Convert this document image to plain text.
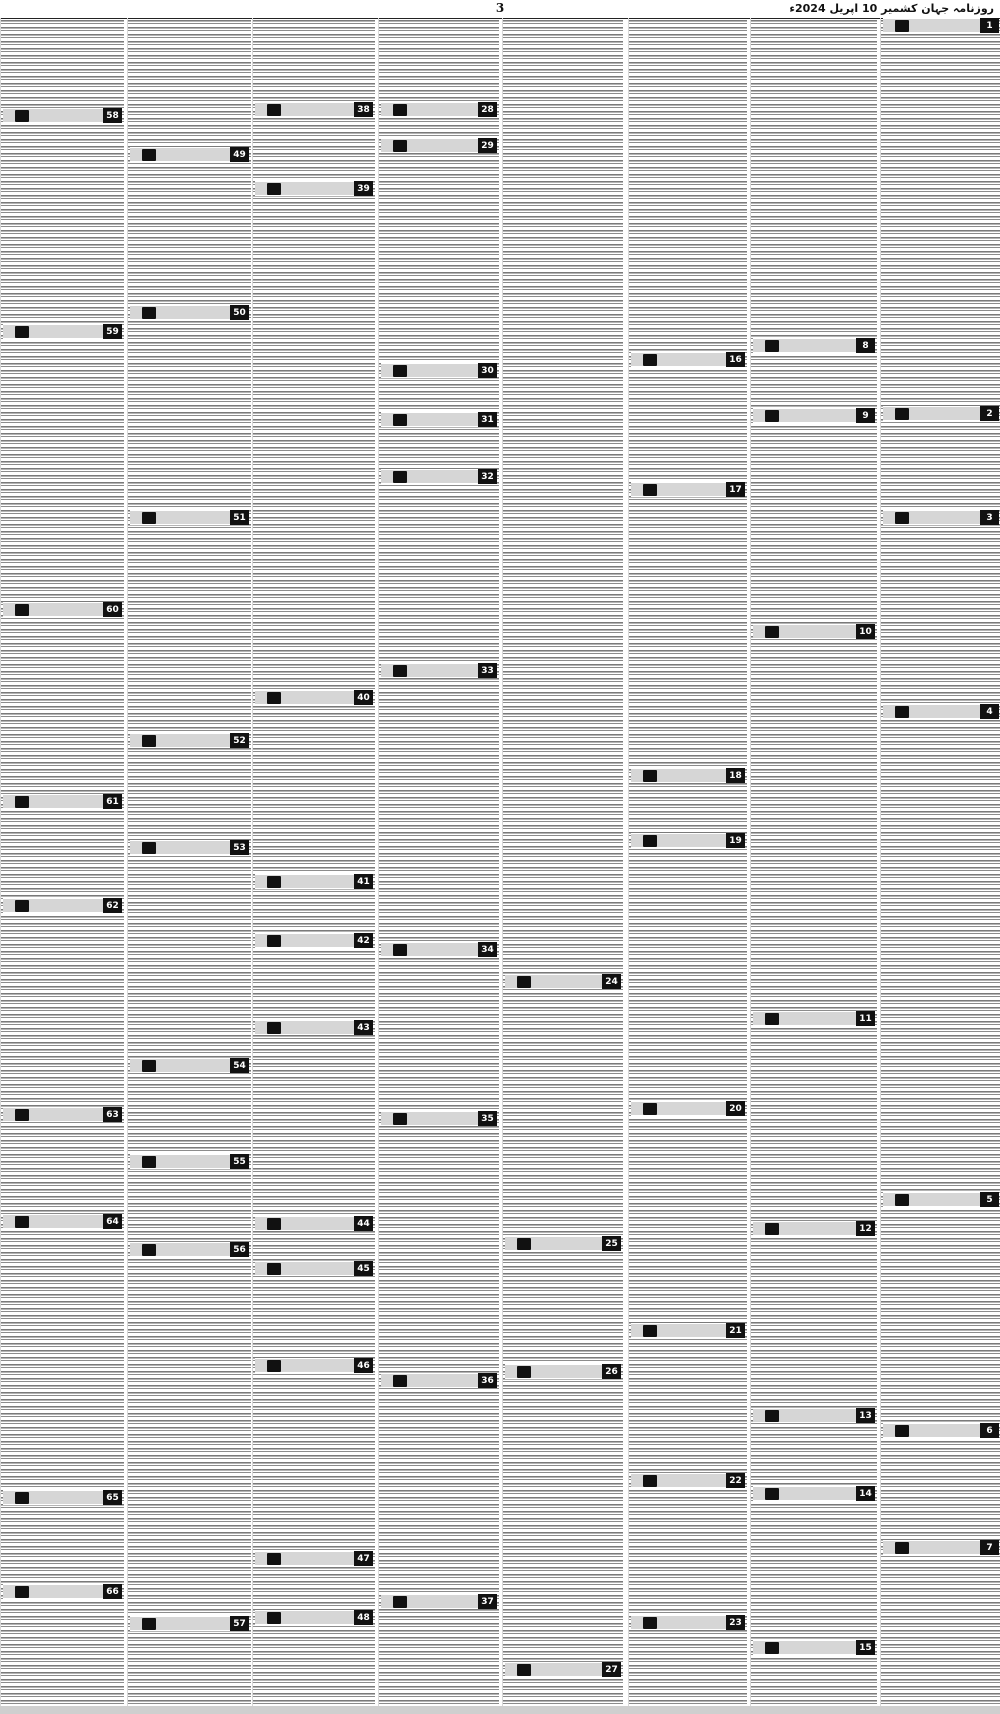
3	روزنامہ جہان کشمیر 10 اپریل 2024ء
58
59
60
61
62
63
64
65
66
49
50
51
52
53
54
55
56
57
38
39
40
41
42
43
44
45
46
47
48
28
29
30
31
32
33
34
35
36
37
24
25
26
27
16
17
18
19
20
21
22
23
8
9
10
11
12
13
14
15
1
2
3
4
5
6
7
